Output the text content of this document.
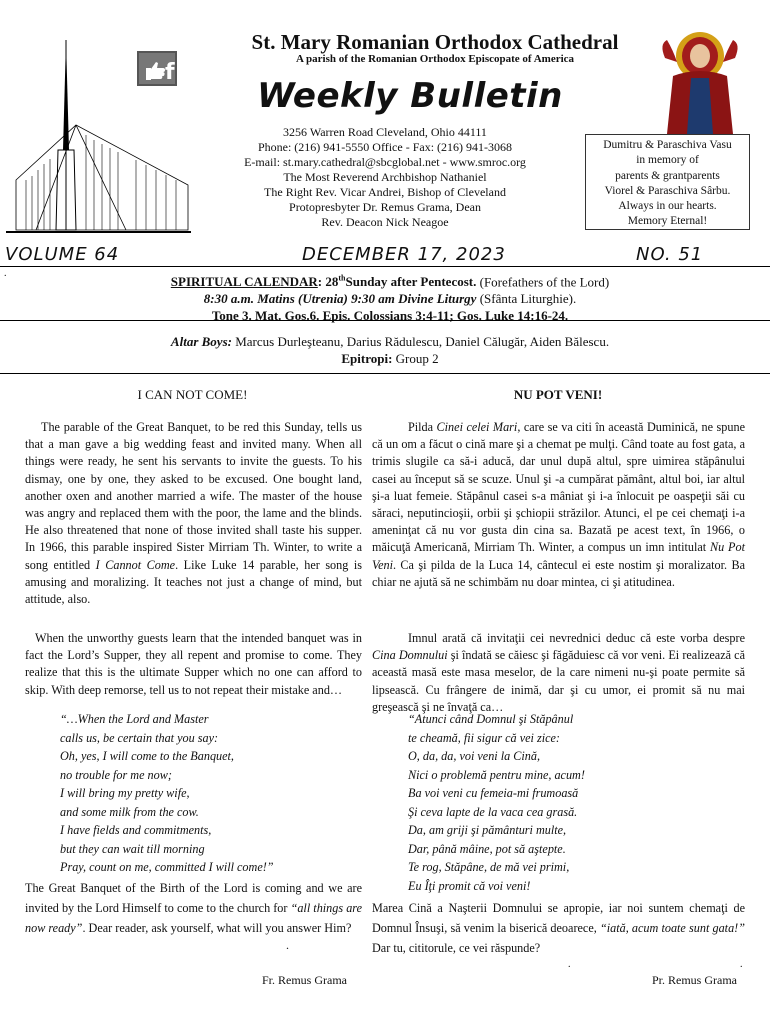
f
St. Mary Romanian Orthodox Cathedral
A parish of the Romanian Orthodox Episcopate of America
Weekly Bulletin
3256 Warren Road Cleveland, Ohio 44111
Phone: (216) 941-5550 Office - Fax: (216) 941-3068
E-mail: st.mary.cathedral@sbcglobal.net - www.smroc.org
The Most Reverend Archbishop Nathaniel
The Right Rev. Vicar Andrei, Bishop of Cleveland
Protopresbyter Dr. Remus Grama, Dean
Rev. Deacon Nick Neagoe
Dumitru & Paraschiva Vasu
in memory of
parents & grantparents
Viorel & Paraschiva Sârbu.
Always in our hearts.
Memory Eternal!
VOLUME 64	DECEMBER 17, 2023	NO. 51
.
SPIRITUAL CALENDAR: 28thSunday after Pentecost. (Forefathers of the Lord)
8:30 a.m. Matins (Utrenia) 9:30 am Divine Liturgy (Sfânta Liturghie).
Tone 3. Mat. Gos.6. Epis. Colossians 3:4-11; Gos. Luke 14:16-24.
Altar Boys: Marcus Durleşteanu, Darius Rădulescu, Daniel Călugăr, Aiden Bălescu.
Epitropi: Group 2
I CAN NOT COME!	NU POT VENI!
The parable of the Great Banquet, to be red this Sunday, tells us that a man gave a big wedding feast and invited many. When all things were ready, he sent his servants to invite the guests. To his dismay, one by one, they asked to be excused. One bought land, another oxen and another married a wife. The master of the house was angry and replaced them with the poor, the lame and the blinds. He also threatened that none of those invited shall taste his supper. In 1966, this parable inspired Sister Mirriam Th. Winter, to write a song entitled I Cannot Come. Like Luke 14 parable, her song is amusing and moralizing. It teaches not just a change of mind, but attitude, also.
Pilda Cinei celei Mari, care se va citi în această Duminică, ne spune că un om a făcut o cină mare şi a chemat pe mulţi. Când toate au fost gata, a trimis slugile ca să-i aducă, dar unul după altul, spre uimirea stăpânului casei au început să se scuze. Unul şi -a cumpărat pământ, altul boi, iar altul şi-a luat femeie. Stăpânul casei s-a mâniat şi i-a înlocuit pe oaspeţii săi cu săraci, neputincioşii, orbii şi şchiopii străzilor. Atunci, el pe cei chemaţi i-a ameninţat că nu vor gusta din cina sa. Bazată pe acest text, în 1966, o măicuţă Americană, Mirriam Th. Winter, a compus un imn intitulat Nu Pot Veni. Ca şi pilda de la Luca 14, cântecul ei este nostim şi moralizator. Ba chiar ne ajută să ne schimbăm nu doar mintea, ci şi atitudinea.
When the unworthy guests learn that the intended banquet was in fact the Lord’s Supper, they all repent and promise to come. They realize that this is the ultimate Supper which no one can afford to skip. With deep remorse, tell us to not repeat their mistake and…
Imnul arată că invitaţii cei nevrednici deduc că este vorba despre Cina Domnului şi îndată se căiesc şi făgăduiesc că vor veni. Ei realizează că această masă este masa meselor, de la care nimeni nu-şi poate permite să lipsească. Cu frângere de inimă, dar şi cu umor, ei promit să nu mai greşească şi ne învaţă ca…
“…When the Lord and Master
calls us, be certain that you say:
Oh, yes, I will come to the Banquet,
no trouble for me now;
I will bring my pretty wife,
and some milk from the cow.
I have fields and commitments,
but they can wait till morning
Pray, count on me, committed I will come!”
“Atunci când Domnul şi Stăpânul
te cheamă, fii sigur că vei zice:
O, da, da, voi veni la Cină,
Nici o problemă pentru mine, acum!
Ba voi veni cu femeia-mi frumoasă
Şi ceva lapte de la vaca cea grasă.
Da, am griji şi pământuri multe,
Dar, până mâine, pot să aştepte.
Te rog, Stăpâne, de mă vei primi,
Eu Îţi promit că voi veni!
The Great Banquet of the Birth of the Lord is coming and we are invited by the Lord Himself to come to the church for “all things are now ready”. Dear reader, ask yourself, what will you answer Him?
Marea Cină a Naşterii Domnului se apropie, iar noi suntem chemaţi de Domnul Însuşi, să venim la biserică deoarece, “iată, acum toate sunt gata!” Dar tu, cititorule, ce vei răspunde?
.
.	.
Fr. Remus Grama	Pr. Remus Grama
